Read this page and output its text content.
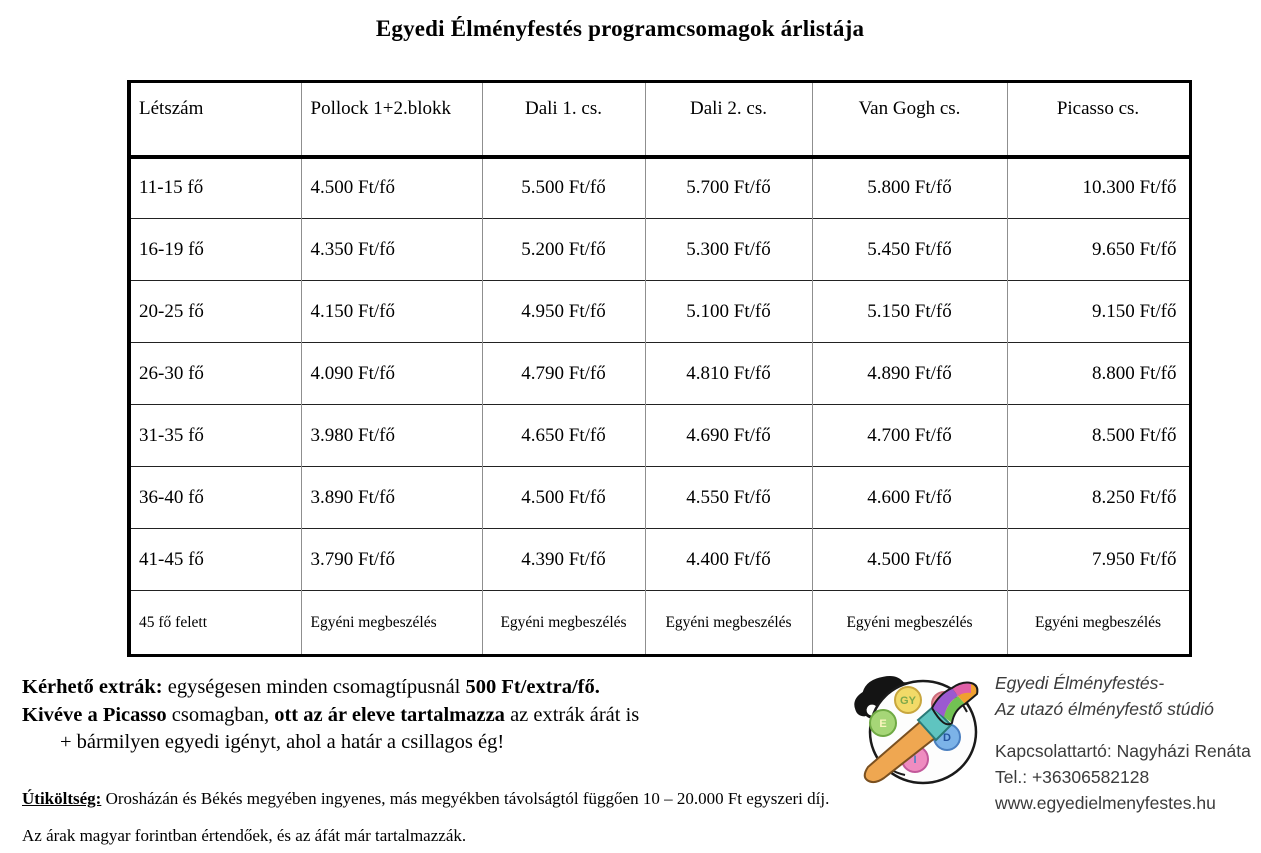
Egyedi Élményfestés programcsomagok árlistája
Létszám	Pollock 1+2.blokk	Dali 1. cs.	Dali 2. cs.	Van Gogh cs.	Picasso cs.
11-15 fő	4.500 Ft/fő	5.500 Ft/fő	5.700 Ft/fő	5.800 Ft/fő	10.300 Ft/fő
16-19 fő	4.350 Ft/fő	5.200 Ft/fő	5.300 Ft/fő	5.450 Ft/fő	9.650 Ft/fő
20-25 fő	4.150 Ft/fő	4.950 Ft/fő	5.100 Ft/fő	5.150 Ft/fő	9.150 Ft/fő
26-30 fő	4.090 Ft/fő	4.790 Ft/fő	4.810 Ft/fő	4.890 Ft/fő	8.800 Ft/fő
31-35 fő	3.980 Ft/fő	4.650 Ft/fő	4.690 Ft/fő	4.700 Ft/fő	8.500 Ft/fő
36-40 fő	3.890 Ft/fő	4.500 Ft/fő	4.550 Ft/fő	4.600 Ft/fő	8.250 Ft/fő
41-45 fő	3.790 Ft/fő	4.390 Ft/fő	4.400 Ft/fő	4.500 Ft/fő	7.950 Ft/fő
45 fő felett	Egyéni megbeszélés	Egyéni megbeszélés	Egyéni megbeszélés	Egyéni megbeszélés	Egyéni megbeszélés
Kérhető extrák: egységesen minden csomagtípusnál 500 Ft/extra/fő.
Kivéve a Picasso csomagban, ott az ár eleve tartalmazza az extrák árát is
+ bármilyen egyedi igényt, ahol a határ a csillagos ég!
Útiköltség: Orosházán és Békés megyében ingyenes, más megyékben távolságtól függően 10 – 20.000 Ft egyszeri díj.
Az árak magyar forintban értendőek, és az áfát már tartalmazzák.
GY
E
D
I
Egyedi Élményfestés-
Az utazó élményfestő stúdió
Kapcsolattartó: Nagyházi Renáta
Tel.: +36306582128
www.egyedielmenyfestes.hu
